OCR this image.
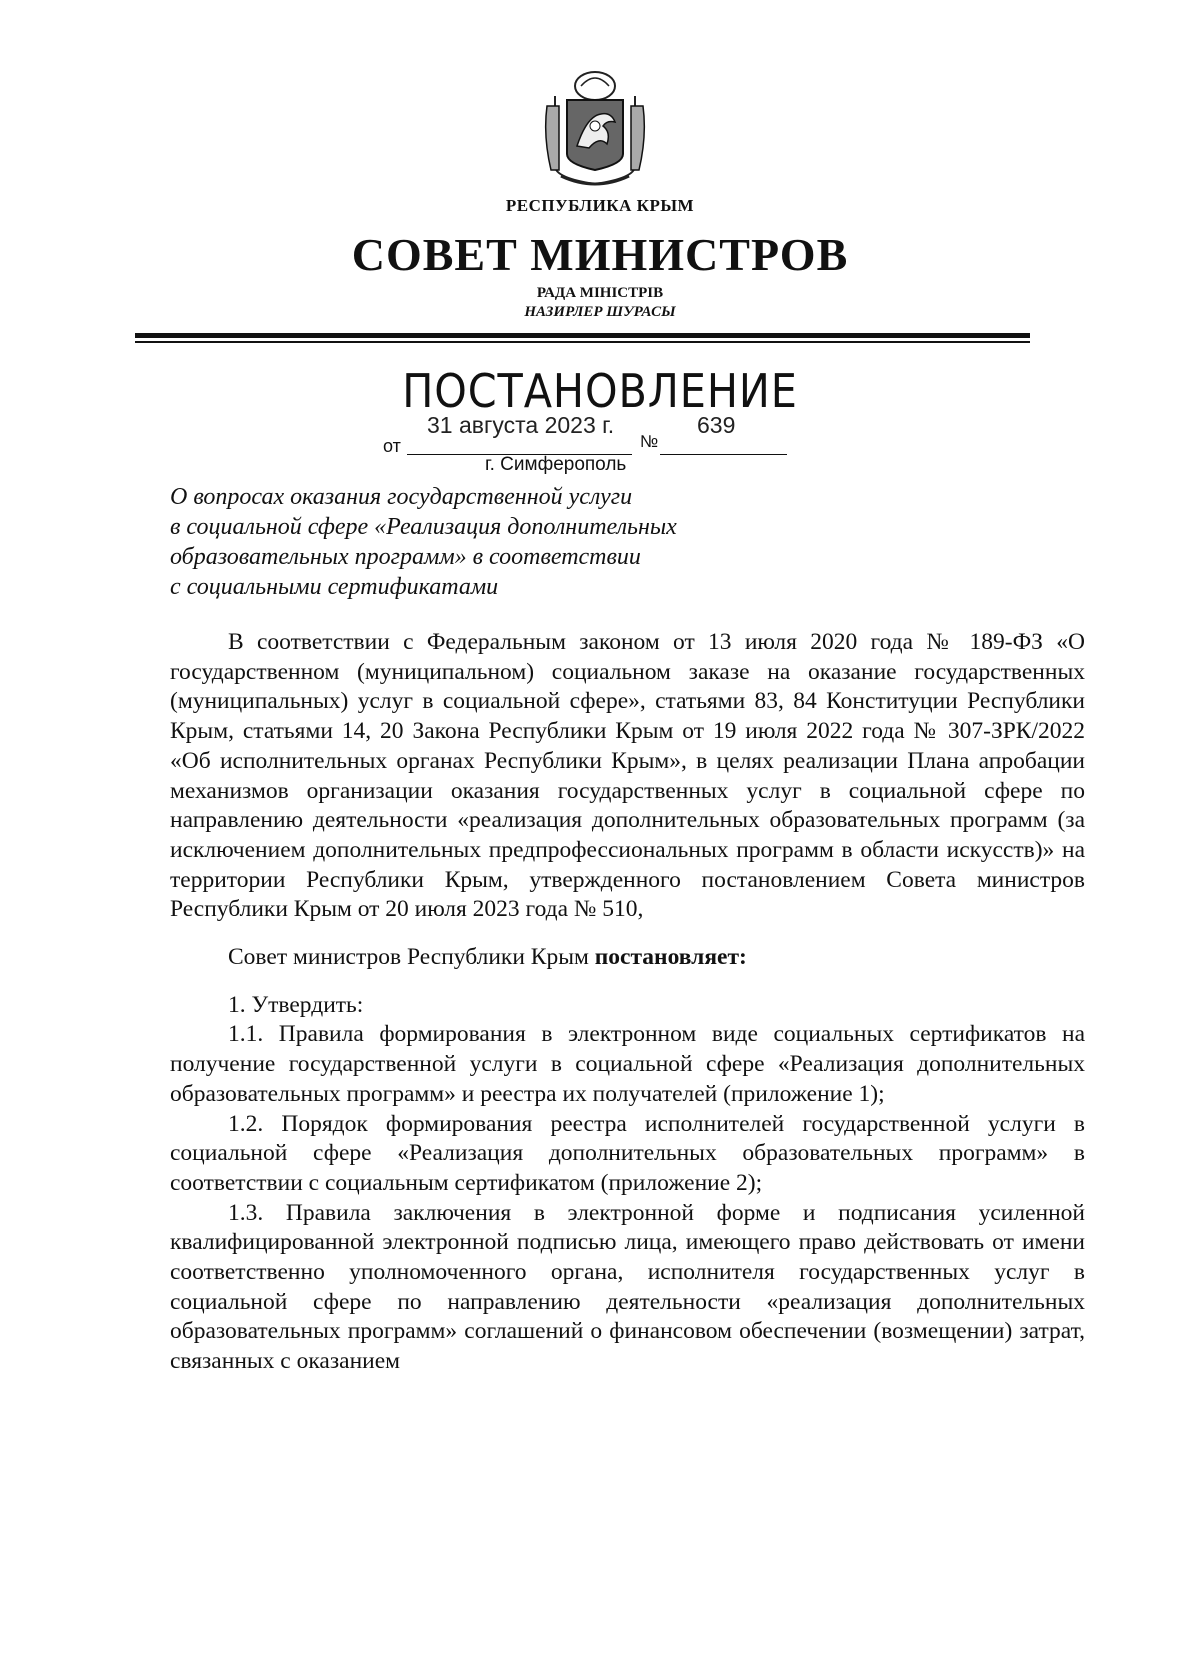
РЕСПУБЛИКА КРЫМ
СОВЕТ МИНИСТРОВ
РАДА МІНІСТРІВ
НАЗИРЛЕР ШУРАСЫ
ПОСТАНОВЛЕНИЕ
от
31 августа 2023 г.
№
639
г. Симферополь
О вопросах оказания государственной услуги
в социальной сфере «Реализация дополнительных
образовательных программ» в соответствии
с социальными сертификатами
В соответствии с Федеральным законом от 13 июля 2020 года № 189-ФЗ «О государственном (муниципальном) социальном заказе на оказание государственных (муниципальных) услуг в социальной сфере», статьями 83, 84 Конституции Республики Крым, статьями 14, 20 Закона Республики Крым от 19 июля 2022 года № 307-ЗРК/2022 «Об исполнительных органах Республики Крым», в целях реализации Плана апробации механизмов организации оказания государственных услуг в социальной сфере по направлению деятельности «реализация дополнительных образовательных программ (за исключением дополнительных предпрофессиональных программ в области искусств)» на территории Республики Крым, утвержденного постановлением Совета министров Республики Крым от 20 июля 2023 года № 510,
Совет министров Республики Крым постановляет:
1. Утвердить:
1.1. Правила формирования в электронном виде социальных сертификатов на получение государственной услуги в социальной сфере «Реализация дополнительных образовательных программ» и реестра их получателей (приложение 1);
1.2. Порядок формирования реестра исполнителей государственной услуги в социальной сфере «Реализация дополнительных образовательных программ» в соответствии с социальным сертификатом (приложение 2);
1.3. Правила заключения в электронной форме и подписания усиленной квалифицированной электронной подписью лица, имеющего право действовать от имени соответственно уполномоченного органа, исполнителя государственных услуг в социальной сфере по направлению деятельности «реализация дополнительных образовательных программ» соглашений о финансовом обеспечении (возмещении) затрат, связанных с оказанием
